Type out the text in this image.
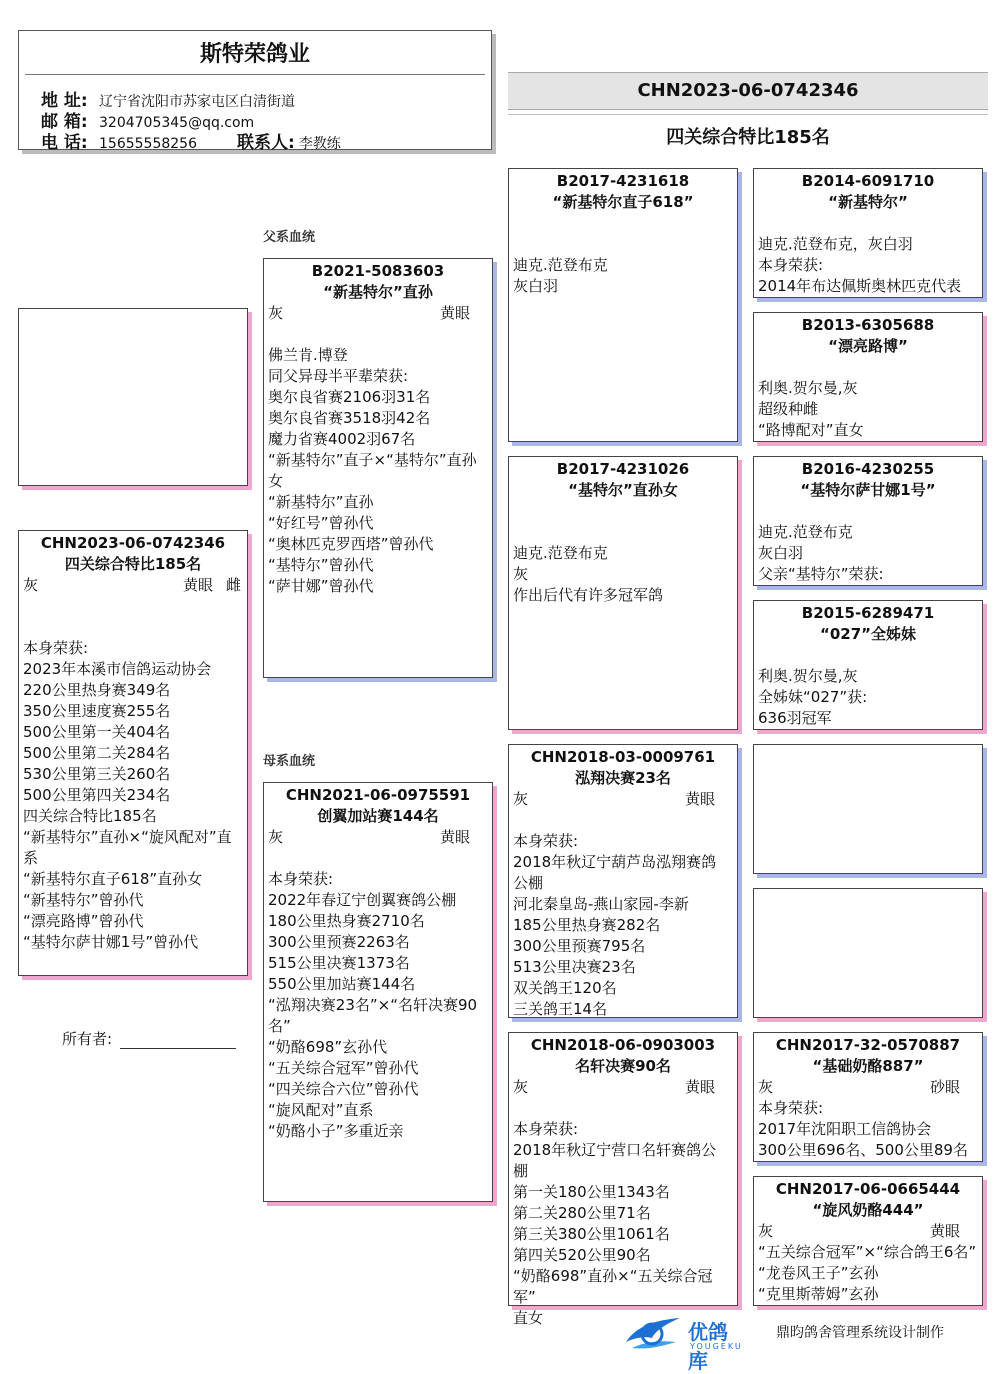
斯特荣鸽业
地 址: 辽宁省沈阳市苏家屯区白清街道
邮 箱: 3204705345@qq.com
电 话: 15655558256 联系人: 李教练
CHN2023-06-0742346
四关综合特比185名
CHN2023-06-0742346
四关综合特比185名
灰	黄眼 雌
本身荣获:
2023年本溪市信鸽运动协会
220公里热身赛349名
350公里速度赛255名
500公里第一关404名
500公里第二关284名
530公里第三关260名
500公里第四关234名
四关综合特比185名
“新基特尔”直孙×“旋风配对”直
系
“新基特尔直子618”直孙女
“新基特尔”曾孙代
“漂亮路博”曾孙代
“基特尔萨甘娜1号”曾孙代
所有者:
父系血统
母系血统
B2021-5083603
“新基特尔”直孙
灰	黄眼
佛兰肯.博登
同父异母半平辈荣获:
奥尔良省赛2106羽31名
奥尔良省赛3518羽42名
魔力省赛4002羽67名
“新基特尔”直子×“基特尔”直孙
女
“新基特尔”直孙
“好红号”曾孙代
“奥林匹克罗西塔”曾孙代
“基特尔”曾孙代
“萨甘娜”曾孙代
CHN2021-06-0975591
创翼加站赛144名
灰	黄眼
本身荣获:
2022年春辽宁创翼赛鸽公棚
180公里热身赛2710名
300公里预赛2263名
515公里决赛1373名
550公里加站赛144名
“泓翔决赛23名”×“名轩决赛90
名”
“奶酪698”玄孙代
“五关综合冠军”曾孙代
“四关综合六位”曾孙代
“旋风配对”直系
“奶酪小子”多重近亲
B2017-4231618
“新基特尔直子618”
迪克.范登布克
灰白羽
B2017-4231026
“基特尔”直孙女
迪克.范登布克
灰
作出后代有许多冠军鸽
CHN2018-03-0009761
泓翔决赛23名
灰	黄眼
本身荣获:
2018年秋辽宁葫芦岛泓翔赛鸽
公棚
河北秦皇岛-燕山家园-李新
185公里热身赛282名
300公里预赛795名
513公里决赛23名
双关鸽王120名
三关鸽王14名
CHN2018-06-0903003
名轩决赛90名
灰	黄眼
本身荣获:
2018年秋辽宁营口名轩赛鸽公
棚
第一关180公里1343名
第二关280公里71名
第三关380公里1061名
第四关520公里90名
“奶酪698”直孙×“五关综合冠军”
直女
B2014-6091710
“新基特尔”
迪克.范登布克，灰白羽
本身荣获:
2014年布达佩斯奥林匹克代表
B2013-6305688
“漂亮路博”
利奥.贺尔曼,灰
超级种雌
“路博配对”直女
B2016-4230255
“基特尔萨甘娜1号”
迪克.范登布克
灰白羽
父亲“基特尔”荣获:
B2015-6289471
“027”全姊妹
利奥.贺尔曼,灰
全姊妹“027”获:
636羽冠军
CHN2017-32-0570887
“基础奶酪887”
灰	砂眼
本身荣获:
2017年沈阳职工信鸽协会
300公里696名、500公里89名
CHN2017-06-0665444
“旋风奶酪444”
灰	黄眼
“五关综合冠军”×“综合鸽王6名”
“龙卷风王子”玄孙
“克里斯蒂姆”玄孙
优鸽库
YOUGEKU
鼎昀鸽舍管理系统设计制作
